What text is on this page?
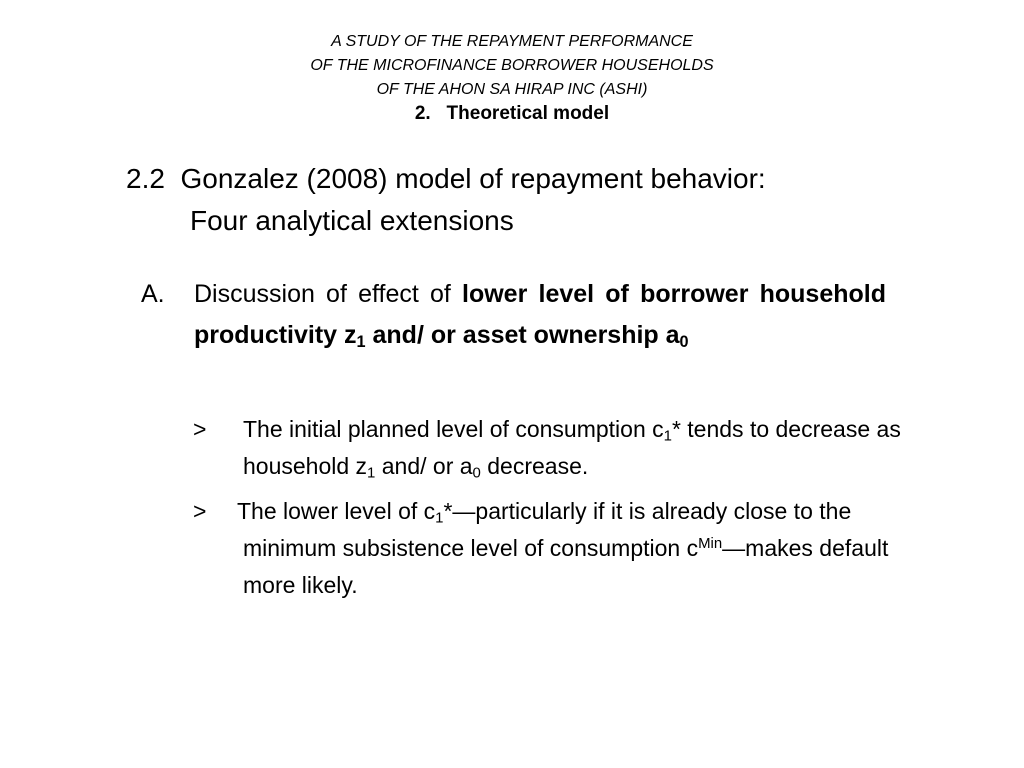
A STUDY OF THE REPAYMENT PERFORMANCE
OF THE MICROFINANCE BORROWER HOUSEHOLDS
OF THE AHON SA HIRAP INC (ASHI)
2.   Theoretical model
2.2  Gonzalez (2008) model of repayment behavior:
Four analytical extensions
A. Discussion of effect of lower level of borrower household productivity $z_1$ and/ or asset ownership $a_0$
>	The initial planned level of consumption $c_1*$ tends to decrease as household $z_1$ and/ or $a_0$ decrease.
>	The lower level of $c_1*—particularly$ if it is already close to the minimum subsistence level of consumption $c^{Min}—makes$ default more likely.
